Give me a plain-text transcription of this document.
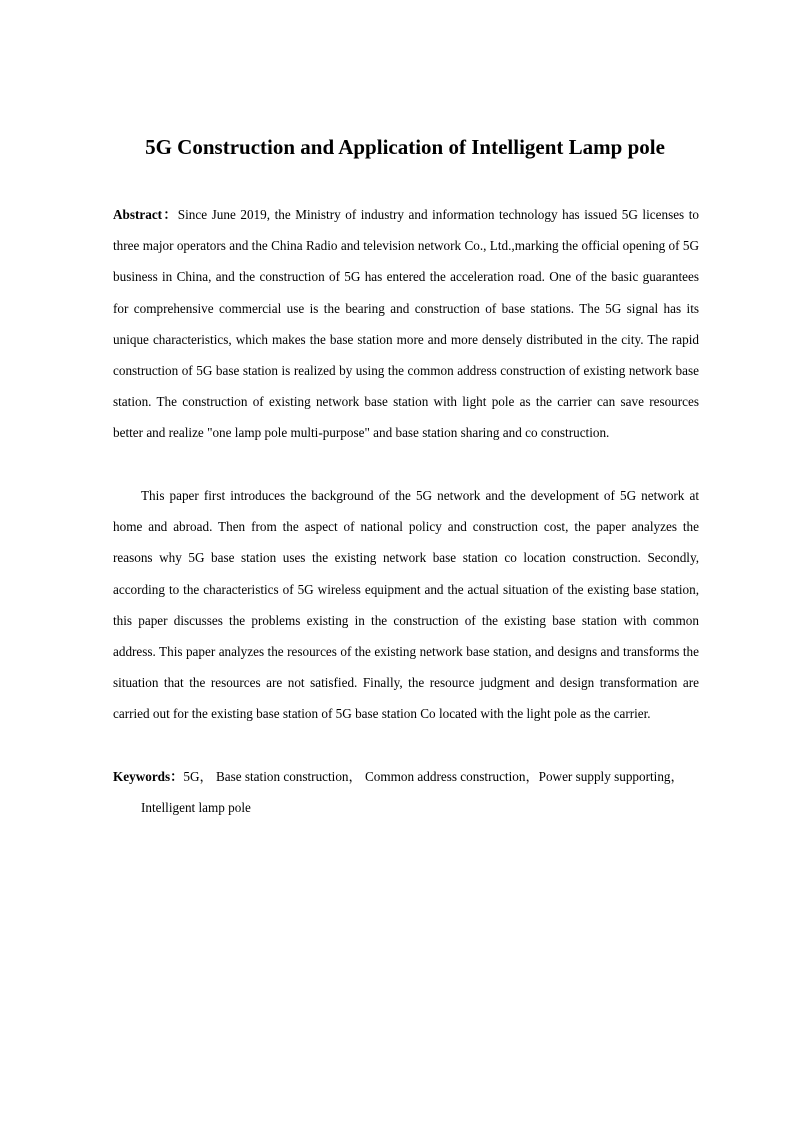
5G Construction and Application of Intelligent Lamp pole

Abstract：Since June 2019, the Ministry of industry and information technology has issued 5G licenses to three major operators and the China Radio and television network Co., Ltd.,marking the official opening of 5G business in China, and the construction of 5G has entered the acceleration road. One of the basic guarantees for comprehensive commercial use is the bearing and construction of base stations. The 5G signal has its unique characteristics, which makes the base station more and more densely distributed in the city. The rapid construction of 5G base station is realized by using the common address construction of existing network base station. The construction of existing network base station with light pole as the carrier can save resources better and realize "one lamp pole multi-purpose" and base station sharing and co construction.

This paper first introduces the background of the 5G network and the development of 5G network at home and abroad. Then from the aspect of national policy and construction cost, the paper analyzes the reasons why 5G base station uses the existing network base station co location construction. Secondly, according to the characteristics of 5G wireless equipment and the actual situation of the existing base station, this paper discusses the problems existing in the construction of the existing base station with common address. This paper analyzes the resources of the existing network base station, and designs and transforms the situation that the resources are not satisfied. Finally, the resource judgment and design transformation are carried out for the existing base station of 5G base station Co located with the light pole as the carrier.

Keywords：5G， Base station construction， Common address construction，Power supply supporting，

Intelligent lamp pole
